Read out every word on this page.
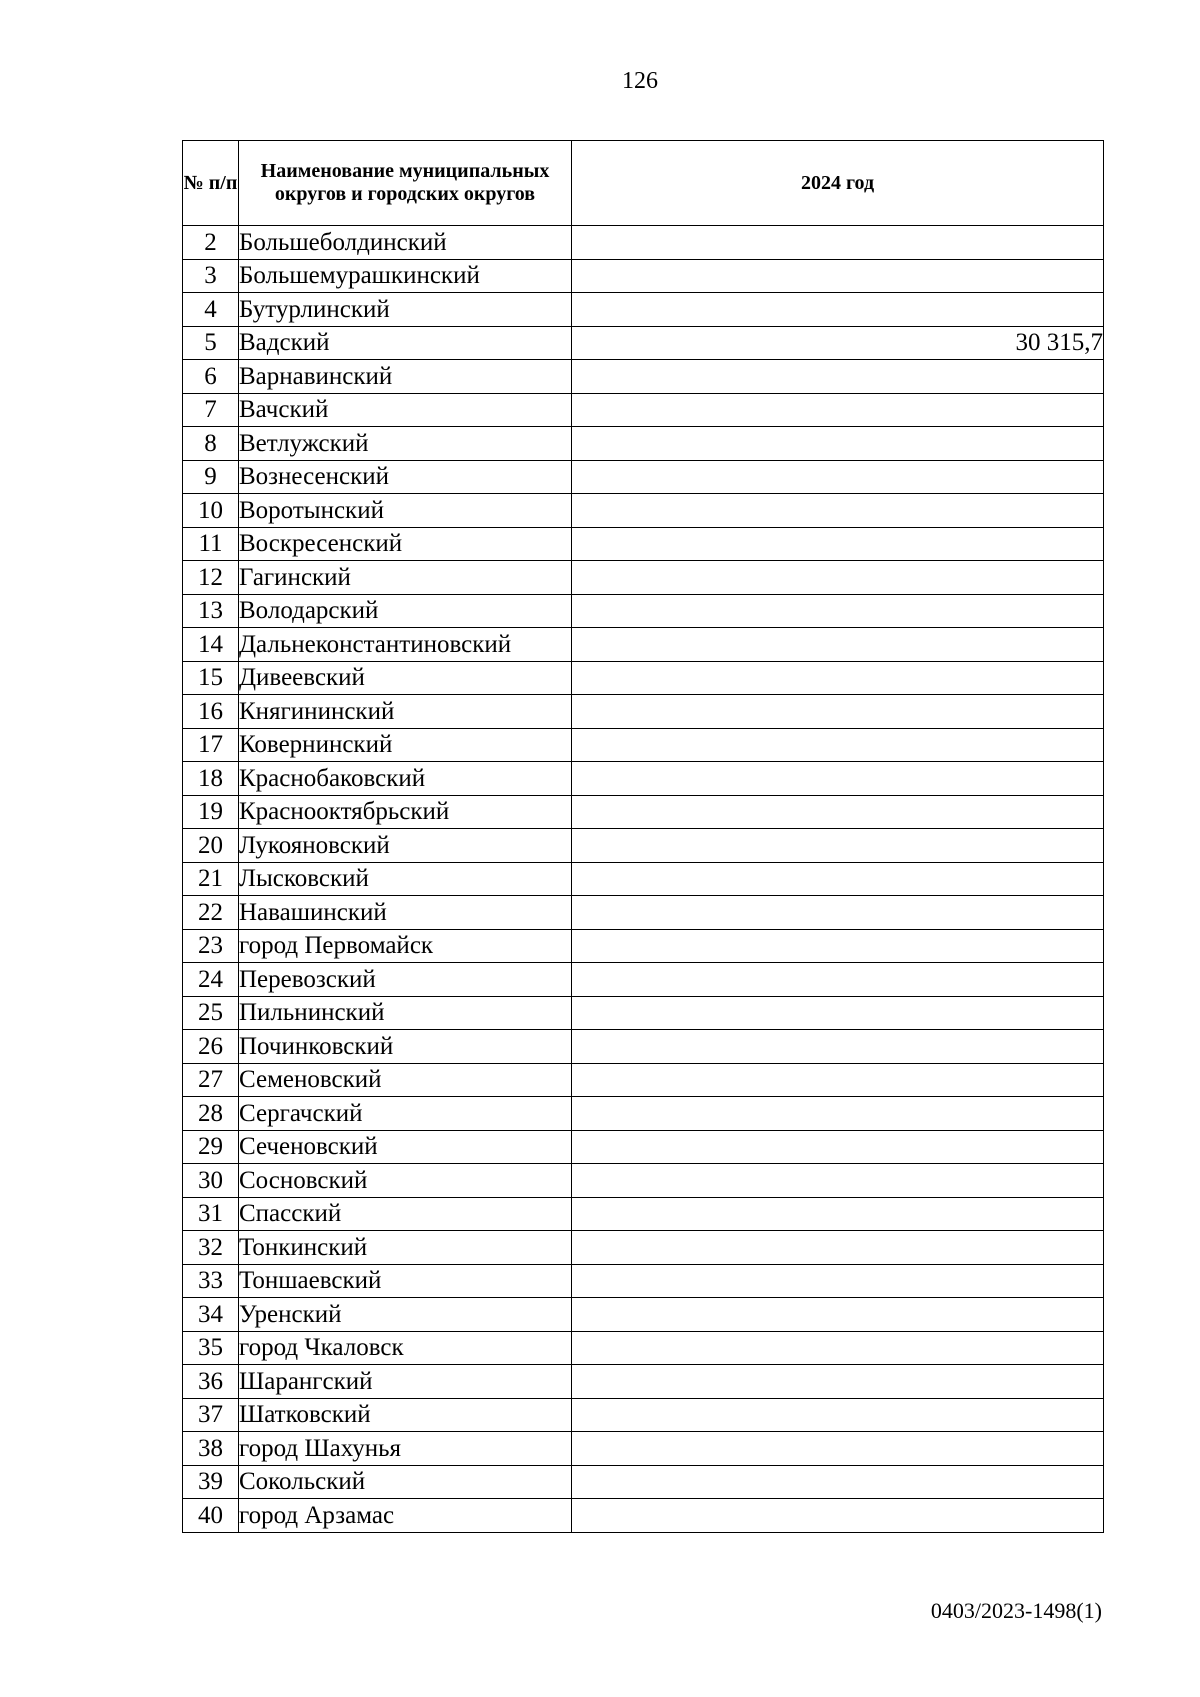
126
№ п/п	Наименование муниципальных округов и городских округов	2024 год
2	Большеболдинский	
3	Большемурашкинский	
4	Бутурлинский	
5	Вадский	30 315,7
6	Варнавинский	
7	Вачский	
8	Ветлужский	
9	Вознесенский	
10	Воротынский	
11	Воскресенский	
12	Гагинский	
13	Володарский	
14	Дальнеконстантиновский	
15	Дивеевский	
16	Княгининский	
17	Ковернинский	
18	Краснобаковский	
19	Краснооктябрьский	
20	Лукояновский	
21	Лысковский	
22	Навашинский	
23	город Первомайск	
24	Перевозский	
25	Пильнинский	
26	Починковский	
27	Семеновский	
28	Сергачский	
29	Сеченовский	
30	Сосновский	
31	Спасский	
32	Тонкинский	
33	Тоншаевский	
34	Уренский	
35	город Чкаловск	
36	Шарангский	
37	Шатковский	
38	город Шахунья	
39	Сокольский	
40	город Арзамас	
0403/2023-1498(1)
